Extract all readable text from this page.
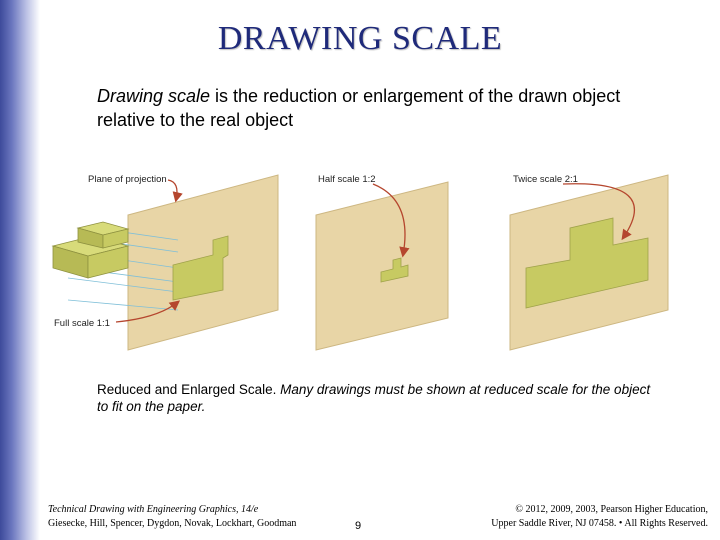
DRAWING SCALE
Drawing scale is the reduction or enlargement of the drawn object relative to the real object
Plane of projection
Full scale 1:1
Half scale 1:2	Twice scale 2:1
Reduced and Enlarged Scale. Many drawings must be shown at reduced scale for the object to fit on the paper.
Technical Drawing with Engineering Graphics, 14/e
Giesecke, Hill, Spencer, Dygdon, Novak, Lockhart, Goodman	9
© 2012, 2009, 2003, Pearson Higher Education,
Upper Saddle River, NJ 07458. • All Rights Reserved.
